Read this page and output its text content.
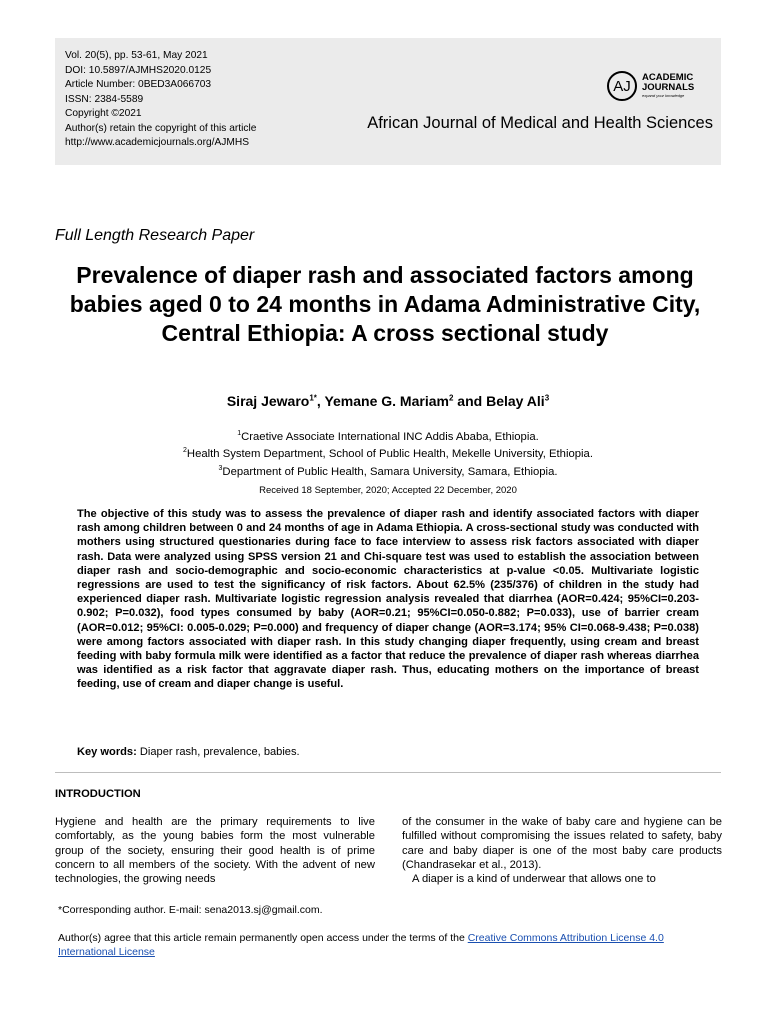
Vol. 20(5), pp. 53-61, May 2021
DOI: 10.5897/AJMHS2020.0125
Article Number: 0BED3A066703
ISSN: 2384-5589
Copyright ©2021
Author(s) retain the copyright of this article
http://www.academicjournals.org/AJMHS
AJ	ACADEMIC
JOURNALS
expand your knowledge
African Journal of Medical and Health Sciences
Full Length Research Paper
Prevalence of diaper rash and associated factors among babies aged 0 to 24 months in Adama Administrative City, Central Ethiopia: A cross sectional study
Siraj Jewaro$^{1*}$, Yemane G. Mariam$^2$ and Belay Ali$^3$
$^1$Craetive Associate International INC Addis Ababa, Ethiopia.
$^2$Health System Department, School of Public Health, Mekelle University, Ethiopia.
$^3$Department of Public Health, Samara University, Samara, Ethiopia.
Received 18 September, 2020; Accepted 22 December, 2020
The objective of this study was to assess the prevalence of diaper rash and identify associated factors with diaper rash among children between 0 and 24 months of age in Adama Ethiopia. A cross-sectional study was conducted with mothers using structured questionaries during face to face interview to assess risk factors associated with diaper rash. Data were analyzed using SPSS version 21 and Chi-square test was used to establish the association between diaper rash and socio-demographic and socio-economic characteristics at p-value <0.05. Multivariate logistic regressions are used to test the significancy of risk factors. About 62.5% (235/376) of children in the study had experienced diaper rash. Multivariate logistic regression analysis revealed that diarrhea (AOR=0.424; 95%CI=0.203-0.902; P=0.032), food types consumed by baby (AOR=0.21; 95%CI=0.050-0.882; P=0.033), use of barrier cream (AOR=0.012; 95%CI: 0.005-0.029; P=0.000) and frequency of diaper change (AOR=3.174; 95% CI=0.068-9.438; P=0.038) were among factors associated with diaper rash. In this study changing diaper frequently, using cream and breast feeding with baby formula milk were identified as a factor that reduce the prevalence of diaper rash whereas diarrhea was identified as a risk factor that aggravate diaper rash. Thus, educating mothers on the importance of breast feeding, use of cream and diaper change is useful.
Key words: Diaper rash, prevalence, babies.
INTRODUCTION

Hygiene and health are the primary requirements to live comfortably, as the young babies form the most vulnerable group of the society, ensuring their good health is of prime concern to all members of the society. With the advent of new technologies, the growing needs

of the consumer in the wake of baby care and hygiene can be fulfilled without compromising the issues related to safety, baby care and baby diaper is one of the most baby care products (Chandrasekar et al., 2013).

A diaper is a kind of underwear that allows one to

*Corresponding author. E-mail: sena2013.sj@gmail.com.
Author(s) agree that this article remain permanently open access under the terms of the Creative Commons Attribution License 4.0 International License
